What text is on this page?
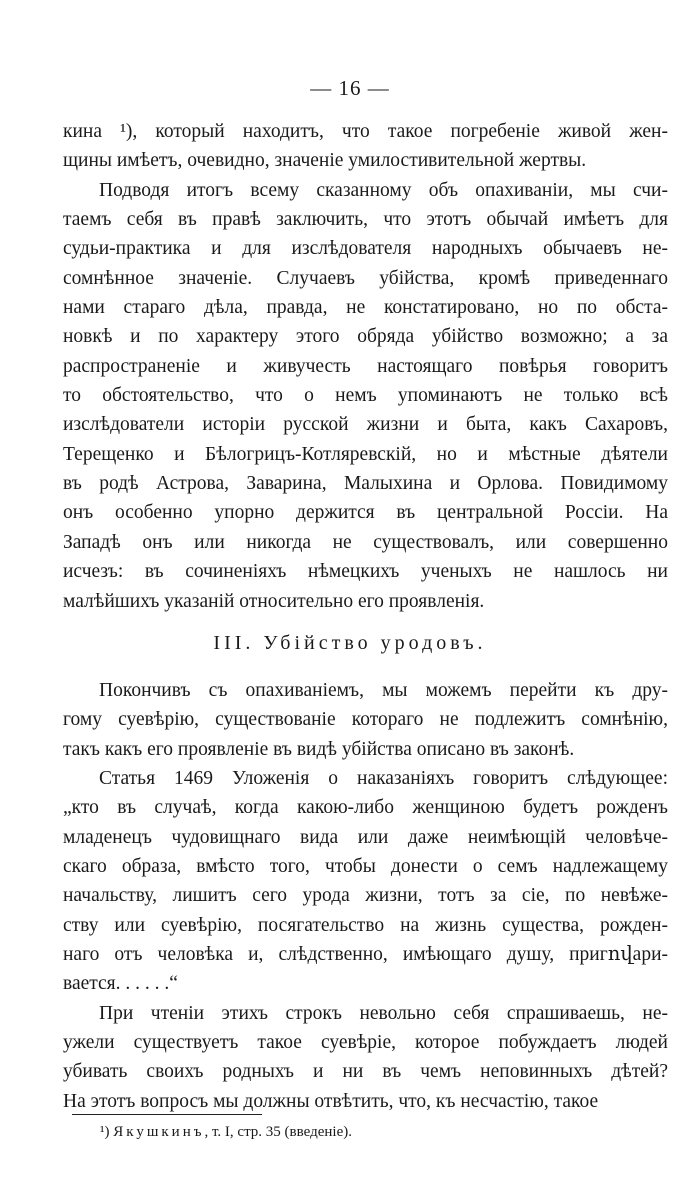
— 16 —
кина ¹), который находитъ, что такое погребеніе живой жен-
щины имѣетъ, очевидно, значеніе умилостивительной жертвы.
Подводя итогъ всему сказанному объ опахиваніи, мы счи-
таемъ себя въ правѣ заключить, что этотъ обычай имѣетъ для
судьи-практика и для изслѣдователя народныхъ обычаевъ не-
сомнѣнное значеніе. Случаевъ убійства, кромѣ приведеннаго
нами стараго дѣла, правда, не констатировано, но по обста-
новкѣ и по характеру этого обряда убійство возможно; а за
распространеніе и живучесть настоящаго повѣрья говоритъ
то обстоятельство, что о немъ упоминаютъ не только всѣ
изслѣдователи исторіи русской жизни и быта, какъ Сахаровъ,
Терещенко и Бѣлогрицъ-Котляревскій, но и мѣстные дѣятели
въ родѣ Астрова, Заварина, Малыхина и Орлова. Повидимому
онъ особенно упорно держится въ центральной Россіи. На
Западѣ онъ или никогда не существовалъ, или совершенно
исчезъ: въ сочиненіяхъ нѣмецкихъ ученыхъ не нашлось ни
малѣйшихъ указаній относительно его проявленія.
III. Убійство уродовъ.
Покончивъ съ опахиваніемъ, мы можемъ перейти къ дру-
гому суевѣрію, существованіе котораго не подлежитъ сомнѣнію,
такъ какъ его проявленіе въ видѣ убійства описано въ законѣ.
Статья 1469 Уложенія о наказаніяхъ говоритъ слѣдующее:
„кто въ случаѣ, когда какою-либо женщиною будетъ рожденъ
младенецъ чудовищнаго вида или даже неимѣющій человѣче-
скаго образа, вмѣсто того, чтобы донести о семъ надлежащему
начальству, лишитъ сего урода жизни, тотъ за сіе, по невѣже-
ству или суевѣрію, посягательство на жизнь существа, рожден-
наго отъ человѣка и, слѣдственно, имѣющаго душу, пригովари-
вается. . . . . .“
При чтеніи этихъ строкъ невольно себя спрашиваешь, не-
ужели существуетъ такое суевѣріе, которое побуждаетъ людей
убивать своихъ родныхъ и ни въ чемъ неповинныхъ дѣтей?
На этотъ вопросъ мы должны отвѣтить, что, къ несчастію, такое
¹) Якушкинъ, т. I, стр. 35 (введеніе).
